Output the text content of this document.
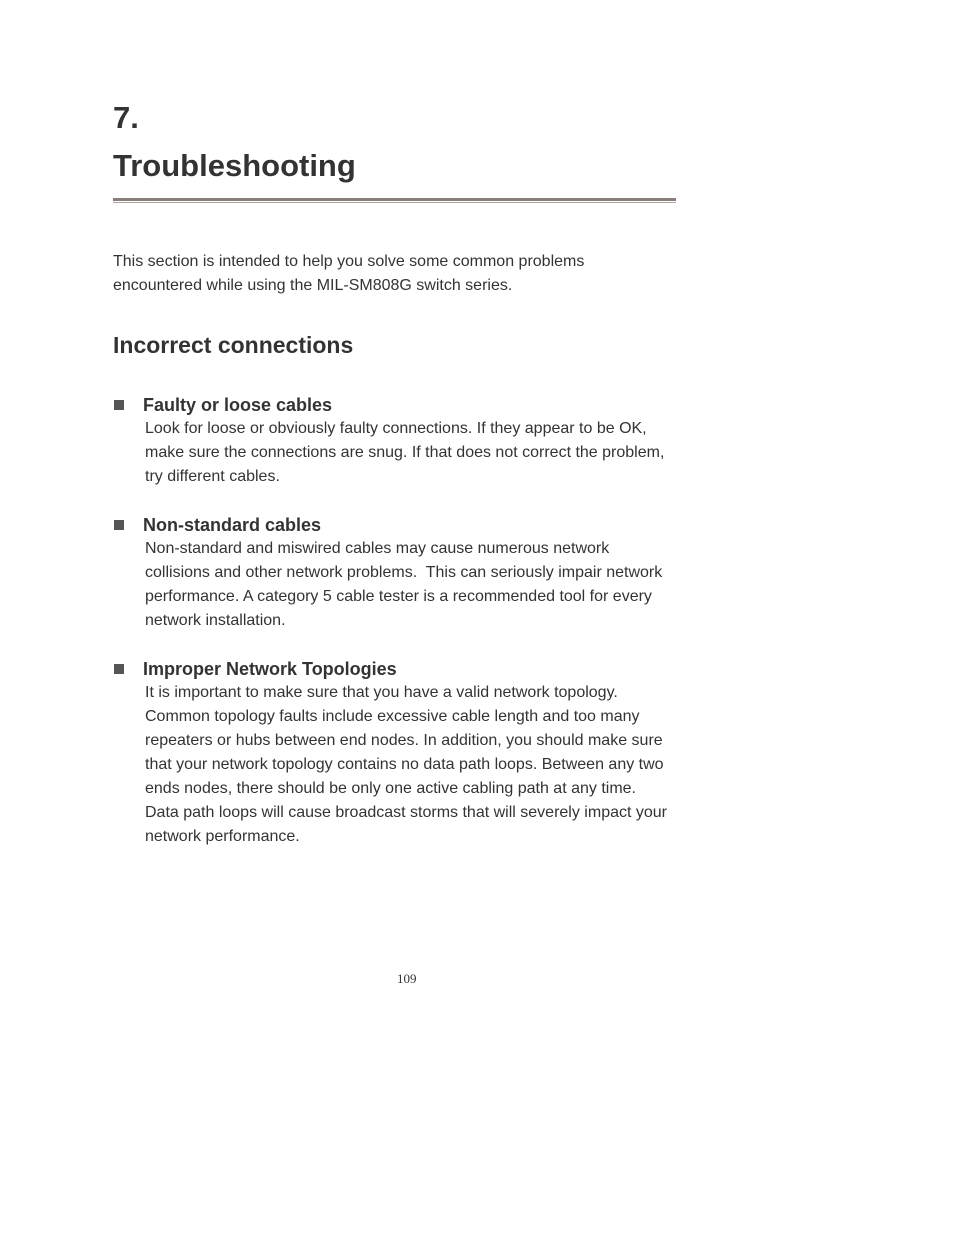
7.
Troubleshooting

This section is intended to help you solve some common problems
encountered while using the MIL-SM808G switch series.

Incorrect connections
Faulty or loose cables

Look for loose or obviously faulty connections. If they appear to be OK,
make sure the connections are snug. If that does not correct the problem,
try different cables.

Non-standard cables

Non-standard and miswired cables may cause numerous network
collisions and other network problems.  This can seriously impair network
performance. A category 5 cable tester is a recommended tool for every
network installation.

Improper Network Topologies

It is important to make sure that you have a valid network topology.
Common topology faults include excessive cable length and too many
repeaters or hubs between end nodes. In addition, you should make sure
that your network topology contains no data path loops. Between any two
ends nodes, there should be only one active cabling path at any time.
Data path loops will cause broadcast storms that will severely impact your
network performance.

109
